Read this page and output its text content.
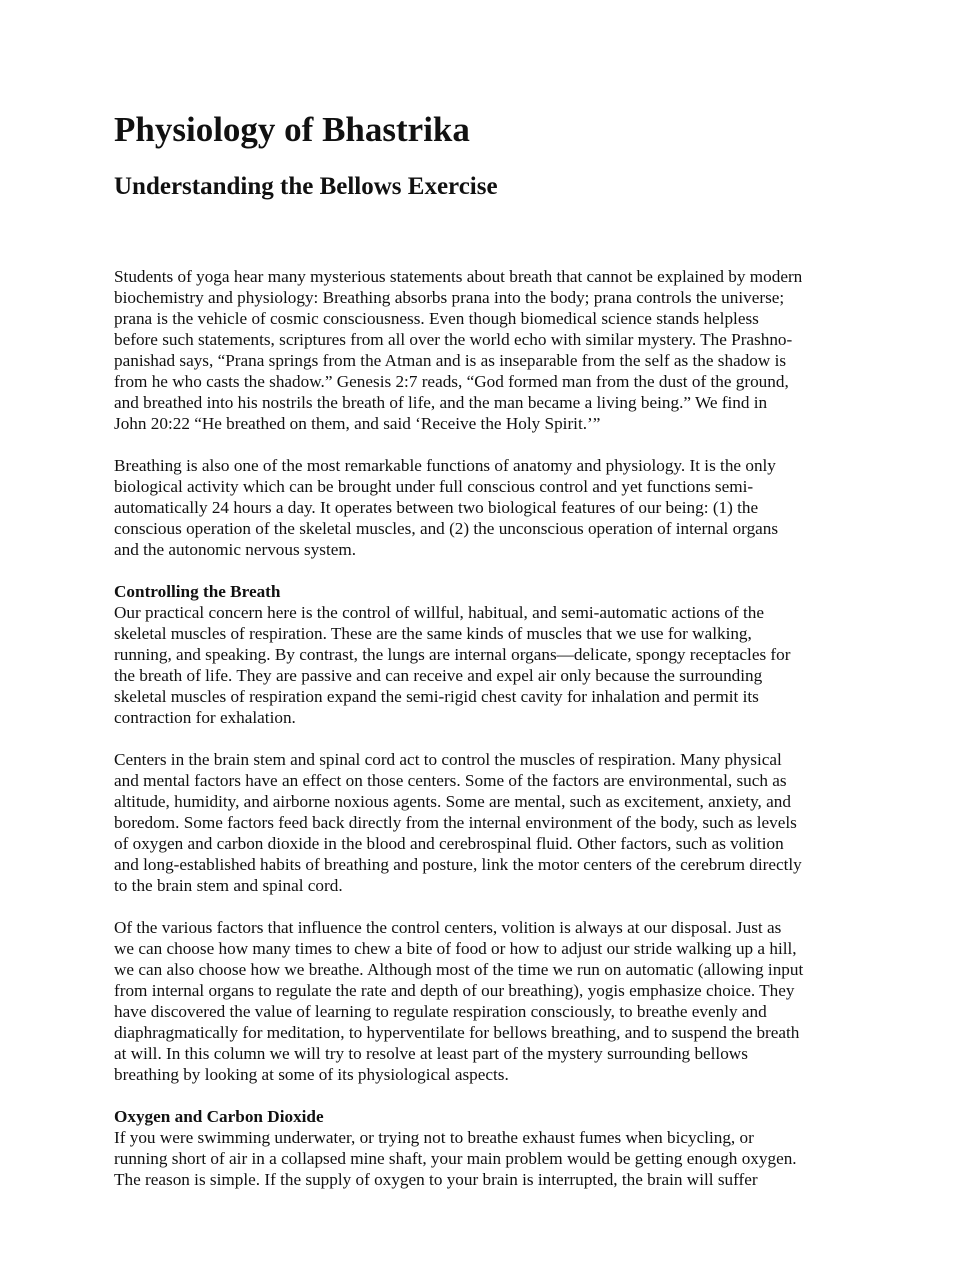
Physiology of Bhastrika
Understanding the Bellows Exercise

Students of yoga hear many mysterious statements about breath that cannot be explained by modern
biochemistry and physiology: Breathing absorbs prana into the body; prana controls the universe;
prana is the vehicle of cosmic consciousness. Even though biomedical science stands helpless
before such statements, scriptures from all over the world echo with similar mystery. The Prashno-
panishad says, “Prana springs from the Atman and is as inseparable from the self as the shadow is
from he who casts the shadow.” Genesis 2:7 reads, “God formed man from the dust of the ground,
and breathed into his nostrils the breath of life, and the man became a living being.” We find in
John 20:22 “He breathed on them, and said ‘Receive the Holy Spirit.’”

Breathing is also one of the most remarkable functions of anatomy and physiology. It is the only
biological activity which can be brought under full conscious control and yet functions semi-
automatically 24 hours a day. It operates between two biological features of our being: (1) the
conscious operation of the skeletal muscles, and (2) the unconscious operation of internal organs
and the autonomic nervous system.

Controlling the Breath

Our practical concern here is the control of willful, habitual, and semi-automatic actions of the
skeletal muscles of respiration. These are the same kinds of muscles that we use for walking,
running, and speaking. By contrast, the lungs are internal organs—delicate, spongy receptacles for
the breath of life. They are passive and can receive and expel air only because the surrounding
skeletal muscles of respiration expand the semi-rigid chest cavity for inhalation and permit its
contraction for exhalation.

Centers in the brain stem and spinal cord act to control the muscles of respiration. Many physical
and mental factors have an effect on those centers. Some of the factors are environmental, such as
altitude, humidity, and airborne noxious agents. Some are mental, such as excitement, anxiety, and
boredom. Some factors feed back directly from the internal environment of the body, such as levels
of oxygen and carbon dioxide in the blood and cerebrospinal fluid. Other factors, such as volition
and long-established habits of breathing and posture, link the motor centers of the cerebrum directly
to the brain stem and spinal cord.

Of the various factors that influence the control centers, volition is always at our disposal. Just as
we can choose how many times to chew a bite of food or how to adjust our stride walking up a hill,
we can also choose how we breathe. Although most of the time we run on automatic (allowing input
from internal organs to regulate the rate and depth of our breathing), yogis emphasize choice. They
have discovered the value of learning to regulate respiration consciously, to breathe evenly and
diaphragmatically for meditation, to hyperventilate for bellows breathing, and to suspend the breath
at will. In this column we will try to resolve at least part of the mystery surrounding bellows
breathing by looking at some of its physiological aspects.

Oxygen and Carbon Dioxide

If you were swimming underwater, or trying not to breathe exhaust fumes when bicycling, or
running short of air in a collapsed mine shaft, your main problem would be getting enough oxygen.
The reason is simple. If the supply of oxygen to your brain is interrupted, the brain will suffer
